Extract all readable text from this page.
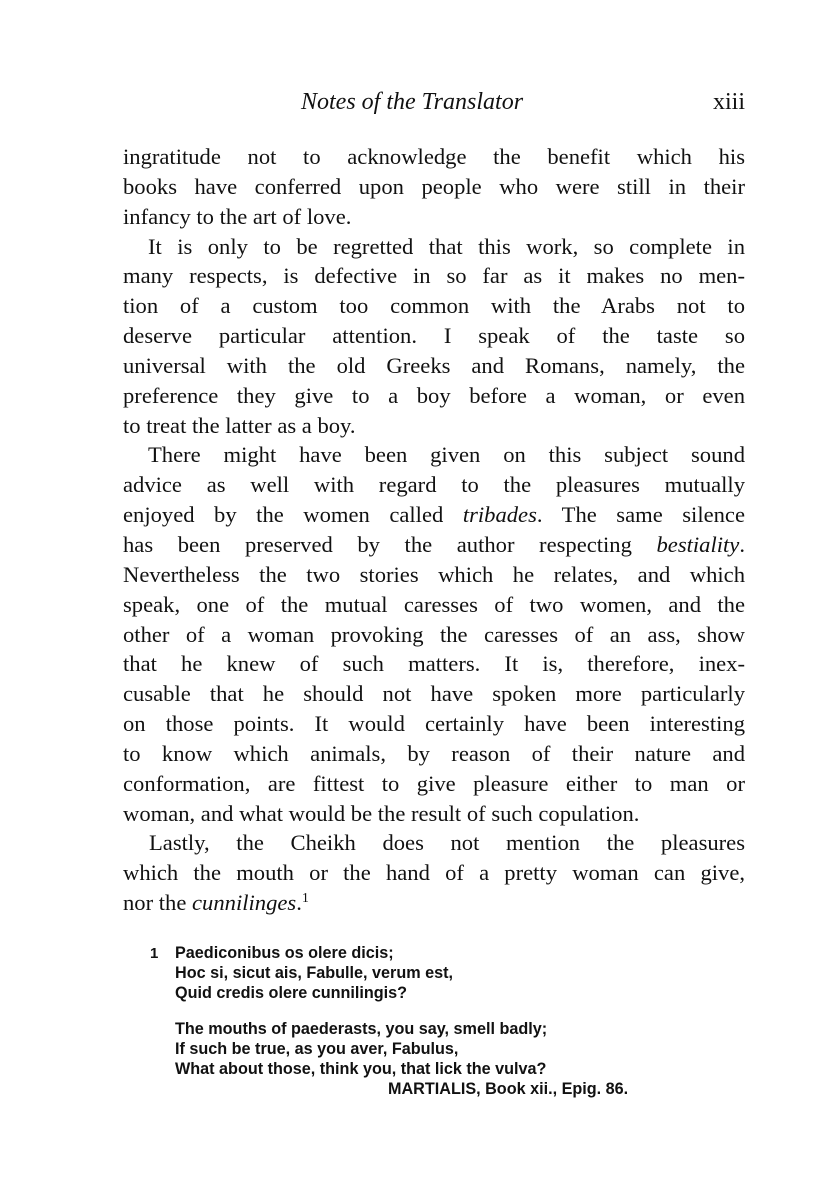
Notes of the Translator	xiii
ingratitude not to acknowledge the benefit which his
books have conferred upon people who were still in their
infancy to the art of love.
It is only to be regretted that this work, so complete in
many respects, is defective in so far as it makes no men-
tion of a custom too common with the Arabs not to
deserve particular attention. I speak of the taste so
universal with the old Greeks and Romans, namely, the
preference they give to a boy before a woman, or even
to treat the latter as a boy.
There might have been given on this subject sound
advice as well with regard to the pleasures mutually
enjoyed by the women called tribades. The same silence
has been preserved by the author respecting bestiality.
Nevertheless the two stories which he relates, and which
speak, one of the mutual caresses of two women, and the
other of a woman provoking the caresses of an ass, show
that he knew of such matters. It is, therefore, inex-
cusable that he should not have spoken more particularly
on those points. It would certainly have been interesting
to know which animals, by reason of their nature and
conformation, are fittest to give pleasure either to man or
woman, and what would be the result of such copulation.
Lastly, the Cheikh does not mention the pleasures
which the mouth or the hand of a pretty woman can give,
nor the cunnilinges.$^1$
1 Paediconibus os olere dicis;
Hoc si, sicut ais, Fabulle, verum est,
Quid credis olere cunnilingis?
The mouths of paederasts, you say, smell badly;
If such be true, as you aver, Fabulus,
What about those, think you, that lick the vulva?
MARTIALIS, Book xii., Epig. 86.
